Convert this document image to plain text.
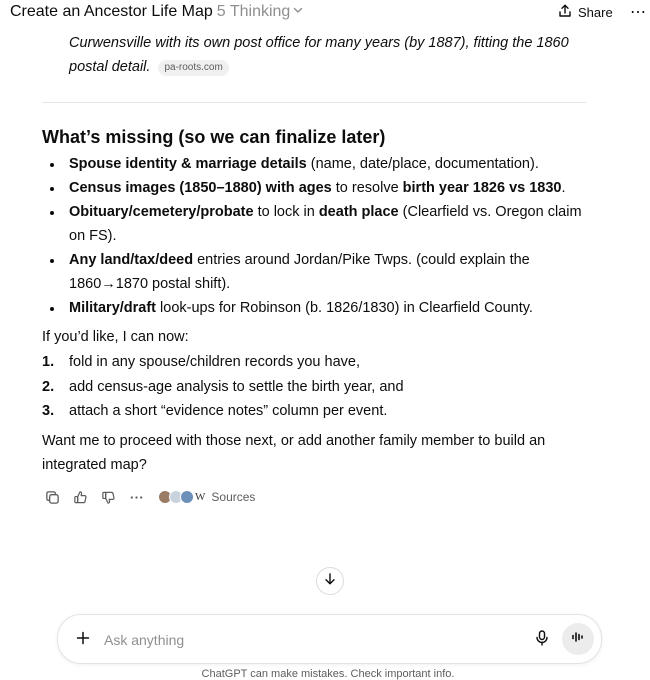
Create an Ancestor Life Map 5 Thinking	Share ⋯
Curwensville with its own post office for many years (by 1887), fitting the 1860
postal detail. pa-roots.com
What’s missing (so we can finalize later)
Spouse identity & marriage details (name, date/place, documentation).
Census images (1850–1880) with ages to resolve birth year 1826 vs 1830.
Obituary/cemetery/probate to lock in death place (Clearfield vs. Oregon claim on FS).
Any land/tax/deed entries around Jordan/Pike Twps. (could explain the 1860→1870 postal shift).
Military/draft look-ups for Robinson (b. 1826/1830) in Clearfield County.
If you’d like, I can now:
1. fold in any spouse/children records you have,
2. add census-age analysis to settle the birth year, and
3. attach a short “evidence notes” column per event.
Want me to proceed with those next, or add another family member to build an integrated map?
W Sources
Ask anything
ChatGPT can make mistakes. Check important info.
